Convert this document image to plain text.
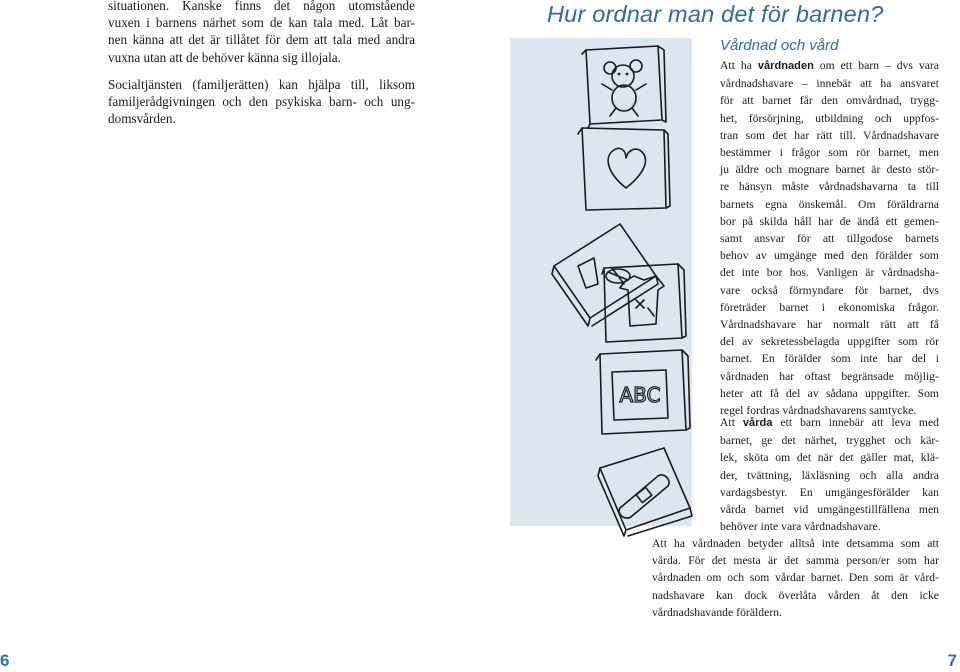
situationen. Kanske finns det någon utomstående
vuxen i barnens närhet som de kan tala med. Låt bar-
nen känna att det är tillåtet för dem att tala med andra
vuxna utan att de behöver känna sig illojala.

Socialtjänsten (familjerätten) kan hjälpa till, liksom
familjerådgivningen och den psykiska barn- och ung-
domsvården.

6
Hur ordnar man det för barnen?
ABC
Vårdnad och vård
Att ha vårdnaden om ett barn – dvs vara
vårdnadshavare – innebär att ha ansvaret
för att barnet får den omvårdnad, trygg-
het, försörjning, utbildning och uppfos-
tran som det har rätt till. Vårdnadshavare
bestämmer i frågor som rör barnet, men
ju äldre och mognare barnet är desto stör-
re hänsyn måste vårdnadshavarna ta till
barnets egna önskemål. Om föräldrarna
bor på skilda håll har de ändå ett gemen-
samt ansvar för att tillgodose barnets
behov av umgänge med den förälder som
det inte bor hos. Vanligen är vårdnadsha-
vare också förmyndare för barnet, dvs
företräder barnet i ekonomiska frågor.
Vårdnadshavare har normalt rätt att få
del av sekretessbelagda uppgifter som rör
barnet. En förälder som inte har del i
vårdnaden har oftast begränsade möjlig-
heter att få del av sådana uppgifter. Som
regel fordras vårdnadshavarens samtycke.
Att vårda ett barn innebär att leva med
barnet, ge det närhet, trygghet och kär-
lek, sköta om det när det gäller mat, klä-
der, tvättning, läxläsning och alla andra
vardagsbestyr. En umgängesförälder kan
vårda barnet vid umgängestillfällena men
behöver inte vara vårdnadshavare.
Att ha vårdnaden betyder alltså inte detsamma som att
vårda. För det mesta är det samma person/er som har
vårdnaden om och som vårdar barnet. Den som är vård-
nadshavare kan dock överlåta vården åt den icke
vårdnadshavande föräldern.
7
